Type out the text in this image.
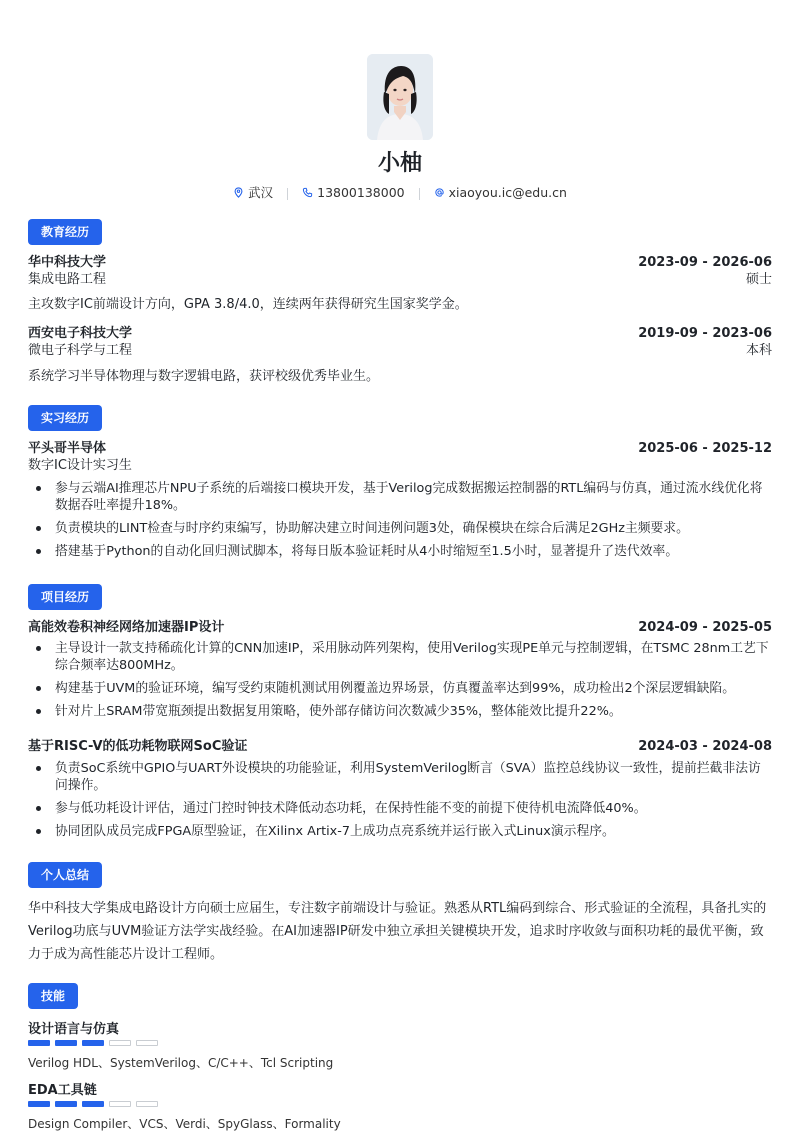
小柚
武汉	13800138000	xiaoyou.ic@edu.cn
教育经历
华中科技大学	2023-09 - 2026-06
集成电路工程	硕士
主攻数字IC前端设计方向，GPA 3.8/4.0，连续两年获得研究生国家奖学金。
西安电子科技大学	2019-09 - 2023-06
微电子科学与工程	本科
系统学习半导体物理与数字逻辑电路，获评校级优秀毕业生。
实习经历
平头哥半导体	2025-06 - 2025-12
数字IC设计实习生
参与云端AI推理芯片NPU子系统的后端接口模块开发，基于Verilog完成数据搬运控制器的RTL编码与仿真，通过流水线优化将数据吞吐率提升18%。
负责模块的LINT检查与时序约束编写，协助解决建立时间违例问题3处，确保模块在综合后满足2GHz主频要求。
搭建基于Python的自动化回归测试脚本，将每日版本验证耗时从4小时缩短至1.5小时，显著提升了迭代效率。
项目经历
高能效卷积神经网络加速器IP设计	2024-09 - 2025-05
主导设计一款支持稀疏化计算的CNN加速IP，采用脉动阵列架构，使用Verilog实现PE单元与控制逻辑，在TSMC 28nm工艺下综合频率达800MHz。
构建基于UVM的验证环境，编写受约束随机测试用例覆盖边界场景，仿真覆盖率达到99%，成功检出2个深层逻辑缺陷。
针对片上SRAM带宽瓶颈提出数据复用策略，使外部存储访问次数减少35%，整体能效比提升22%。
基于RISC-V的低功耗物联网SoC验证	2024-03 - 2024-08
负责SoC系统中GPIO与UART外设模块的功能验证，利用SystemVerilog断言（SVA）监控总线协议一致性，提前拦截非法访问操作。
参与低功耗设计评估，通过门控时钟技术降低动态功耗，在保持性能不变的前提下使待机电流降低40%。
协同团队成员完成FPGA原型验证，在Xilinx Artix-7上成功点亮系统并运行嵌入式Linux演示程序。
个人总结
华中科技大学集成电路设计方向硕士应届生，专注数字前端设计与验证。熟悉从RTL编码到综合、形式验证的全流程，具备扎实的Verilog功底与UVM验证方法学实战经验。在AI加速器IP研发中独立承担关键模块开发，追求时序收敛与面积功耗的最优平衡，致力于成为高性能芯片设计工程师。
技能
设计语言与仿真
Verilog HDL、SystemVerilog、C/C++、Tcl Scripting
EDA工具链
Design Compiler、VCS、Verdi、SpyGlass、Formality
